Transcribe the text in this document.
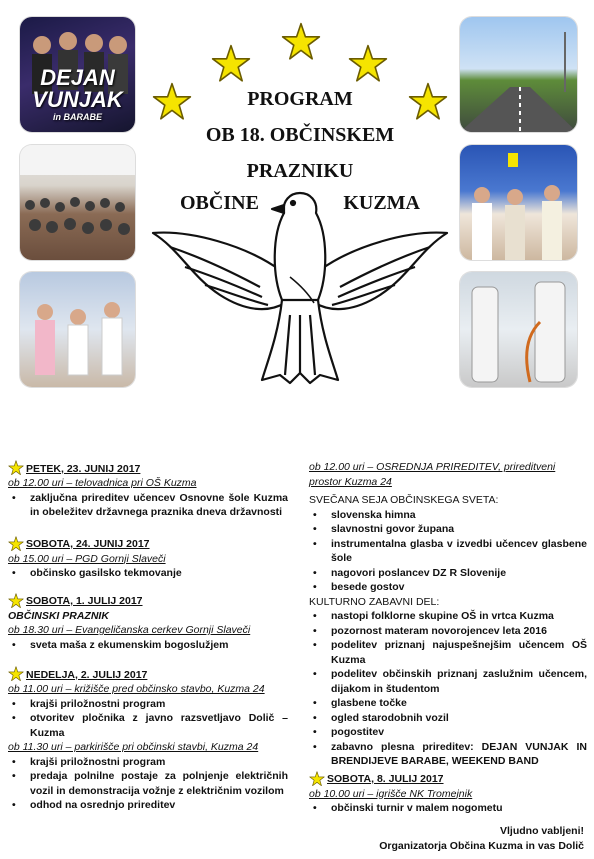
DEJAN
VUNJAK
in BARABE
PROGRAM
OB 18. OBČINSKEM
PRAZNIKU
OBČINE	KUZMA
PETEK, 23. JUNIJ 2017
ob 12.00 uri – telovadnica pri OŠ Kuzma
• zaključna prireditev učencev Osnovne šole Kuzma in obeležitev državnega praznika dneva državnosti
SOBOTA, 24. JUNIJ 2017
ob 15.00 uri – PGD Gornji Slaveči
• občinsko gasilsko tekmovanje
SOBOTA, 1. JULIJ 2017
OBČINSKI PRAZNIK
ob 18.30 uri – Evangeličanska cerkev Gornji Slaveči
• sveta maša z ekumenskim bogoslužjem
NEDELJA, 2. JULIJ 2017
ob 11.00 uri – križišče pred občinsko stavbo, Kuzma 24
• krajši priložnostni program
• otvoritev pločnika z javno razsvetljavo Dolič – Kuzma
ob 11.30 uri – parkirišče pri občinski stavbi, Kuzma 24
• krajši priložnostni program
• predaja polnilne postaje za polnjenje električnih vozil in demonstracija vožnje z električnim vozilom
• odhod na osrednjo prireditev
ob 12.00 uri – OSREDNJA PRIREDITEV, prireditveni prostor Kuzma 24
SVEČANA SEJA OBČINSKEGA SVETA:
• slovenska himna
• slavnostni govor župana
• instrumentalna glasba v izvedbi učencev glasbene šole
• nagovori poslancev DZ R Slovenije
• besede gostov
KULTURNO ZABAVNI DEL:
• nastopi folklorne skupine OŠ in vrtca Kuzma
• pozornost materam novorojencev leta 2016
• podelitev priznanj najuspešnejšim učencem OŠ Kuzma
• podelitev občinskih priznanj zaslužnim učencem, dijakom in študentom
• glasbene točke
• ogled starodobnih vozil
• pogostitev
• zabavno plesna prireditev: DEJAN VUNJAK IN BRENDIJEVE BARABE, WEEKEND BAND
SOBOTA, 8. JULIJ 2017
ob 10.00 uri – igrišče NK Tromejnik
• občinski turnir v malem nogometu
Vljudno vabljeni!
Organizatorja Občina Kuzma in vas Dolič
